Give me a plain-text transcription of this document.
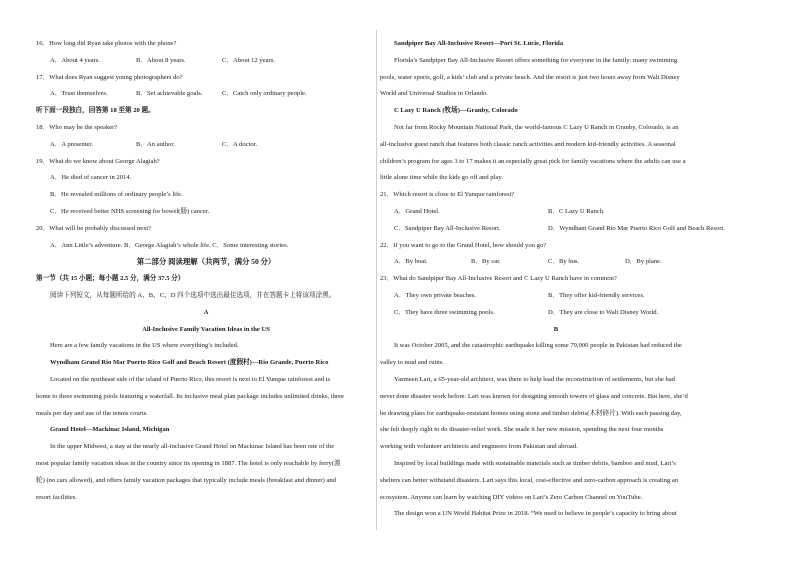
16．How long did Ryan take photos with the phone?
A．About 4 years.	B．About 8 years.	C．About 12 years.
17．What does Ryan suggest young photographers do?
A．Trust themselves.	B．Set achievable goals.	C．Catch only ordinary people.
听下面一段独白，回答第 18 至第 20 题。
18．Who may be the speaker?
A．A presenter.	B．An author.	C．A doctor.
19．What do we know about George Alagiah?
A．He died of cancer in 2014.
B．He revealed millions of ordinary people’s life.
C．He received better NHS screening for bowel(肠) cancer.
20．What will be probably discussed next?
A．Ann Little’s adventure. B．George Alagiah’s whole life. C．Some interesting stories.
第二部分 阅读理解（共两节，满分 50 分）
第一节（共 15 小题；每小题 2.5 分，满分 37.5 分）
阅读下列短文，从每题所给的 A、B、C、D 四个选项中选出最佳选项，并在答题卡上将该项涂黑。
A
All-Inclusive Family Vacation Ideas in the US
Here are a few family vacations in the US where everything’s included.
Wyndham Grand Rio Mar Puerto Rico Golf and Beach Resort (度假村)—Rio Grande, Puerto Rico
Located on the northeast side of the island of Puerto Rico, this resort is next to El Yunque rainforest and is
home to three swimming pools featuring a waterfall. Its inclusive meal plan package includes unlimited drinks, three
meals per day and use of the tennis courts.
Grand Hotel—Mackinac Island, Michigan
In the upper Midwest, a stay at the nearly all-inclusive Grand Hotel on Mackinac Island has been one of the
most popular family vacation ideas in the country since its opening in 1887. The hotel is only reachable by ferry(渡
轮) (no cars allowed), and offers family vacation packages that typically include meals (breakfast and dinner) and
resort facilities.
Sandpiper Bay All-Inclusive Resort—Port St. Lucie, Florida
Florida’s Sandpiper Bay All-Inclusive Resort offers something for everyone in the family: many swimming
pools, water sports, golf, a kids’ club and a private beach. And the resort is just two hours away from Walt Disney
World and Universal Studios in Orlando.
C Lazy U Ranch (牧场)—Granby, Colorado
Not far from Rocky Mountain National Park, the world-famous C Lazy U Ranch in Granby, Colorado, is an
all-inclusive guest ranch that features both classic ranch activities and modern kid-friendly activities. A seasonal
children’s program for ages 3 to 17 makes it an especially great pick for family vacations where the adults can use a
little alone time while the kids go off and play.
21．Which resort is close to El Yunque rainforest?
A．Grand Hotel.	B．C Lazy U Ranch.
C．Sandpiper Bay All-Inclusive Resort.	D．Wyndham Grand Rio Mar Puerto Rico Golf and Beach Resort.
22．If you want to go to the Grand Hotel, how should you go?
A．By boat.	B．By car.	C．By bus.	D．By plane.
23．What do Sandpiper Bay All-Inclusive Resort and C Lazy U Ranch have in common?
A．They own private beaches.	B．They offer kid-friendly services.
C．They have three swimming pools.	D．They are close to Walt Disney World.
B
It was October 2005, and the catastrophic earthquake killing some 79,000 people in Pakistan had reduced the
valley to mud and ruins.
Yasmeen Lari, a 65-year-old architect, was there to help lead the reconstruction of settlements, but she had
never done disaster work before. Lari was known for designing smooth towers of glass and concrete. But here, she’d
be drawing plans for earthquake-resistant homes using stone and timber debris(木材碎片). With each passing day,
she felt deeply right to do disaster-relief work. She made it her new mission, spending the next four months
working with volunteer architects and engineers from Pakistan and abroad.
Inspired by local buildings made with sustainable materials such as timber debris, bamboo and mud, Lari’s
shelters can better withstand disasters. Lari says this local, cost-effective and zero-carbon approach is creating an
ecosystem. Anyone can learn by watching DIY videos on Lari’s Zero Carbon Channel on YouTube.
The design won a UN World Habitat Prize in 2018. “We need to believe in people’s capacity to bring about
